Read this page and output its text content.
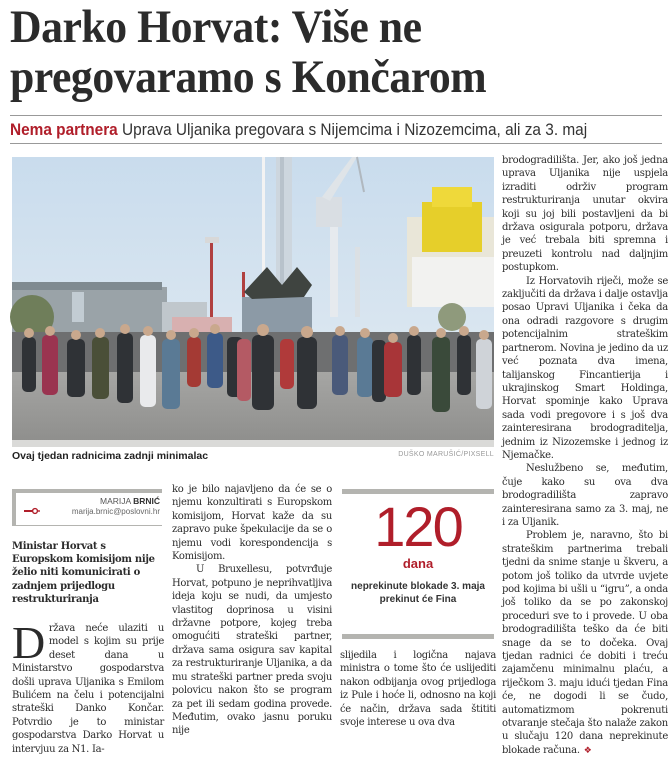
Darko Horvat: Više ne pregovaramo s Končarom
Nema partnera Uprava Uljanika pregovara s Nijemcima i Nizozemcima, ali za 3. maj
Ovaj tjedan radnicima zadnji minimalac	DUŠKO MARUŠIĆ/PIXSELL

brodogradilišta. Jer, ako još jedna uprava Uljanika nije uspjela izraditi održiv program restrukturiranja unutar okvira koji su joj bili postavljeni da bi država osigurala potporu, država je već trebala biti spremna i preuzeti kontrolu nad daljnjim postupkom.

Iz Horvatovih riječi, može se zaključiti da država i dalje ostavlja posao Upravi Uljanika i čeka da ona odradi razgovore s drugim potencijalnim strateškim partnerom. Novina je jedino da uz već poznata dva imena, talijanskog Fincantierija i ukrajinskog Smart Holdinga, Horvat spominje kako Uprava sada vodi pregovore i s još dva zainteresirana brodograditelja, jednim iz Nizozemske i jednog iz Njemačke.

Neslužbeno se, međutim, čuje kako su ova dva brodogradilišta zapravo zainteresirana samo za 3. maj, ne i za Uljanik.

Problem je, naravno, što bi strateškim partnerima trebali tjedni da snime stanje u škveru, a potom još toliko da utvrde uvjete pod kojima bi ušli u “igru”, a onda još toliko da se po zakonskoj proceduri sve to i provede. U oba brodogradilišta teško da će biti snage da se to dočeka. Ovaj tjedan radnici će dobiti i treću zajamčenu minimalnu plaću, a riječkom 3. maju idući tjedan Fina će, ne dogodi li se čudo, automatizmom pokrenuti otvaranje stečaja što nalaže zakon u slučaju 120 dana neprekinute blokade računa. ❖

MARIJA BRNIĆ
marija.brnic@poslovni.hr
Ministar Horvat s Europskom komisijom nije želio niti komunicirati o zadnjem prijedlogu restrukturiranja

Država neće ulaziti u model s kojim su prije deset dana u Ministarstvo gospodarstva došli uprava Uljanika s Emilom Bulićem na čelu i potencijalni strateški Danko Končar. Potvrdio je to ministar gospodarstva Darko Horvat u intervjuu za N1. Ia-

ko je bilo najavljeno da će se o njemu konzultirati s Europskom komisijom, Horvat kaže da su zapravo puke špekulacije da se o njemu vodi korespondencija s Komisijom.

U Bruxellesu, potvrđuje Horvat, potpuno je neprihvatljiva ideja koju se nudi, da umjesto vlastitog doprinosa u visini državne potpore, kojeg treba omogućiti strateški partner, država sama osigura sav kapital za restrukturiranje Uljanika, a da mu strateški partner preda svoju polovicu nakon što se program za pet ili sedam godina provede. Međutim, ovako jasnu poruku nije

120
dana
neprekinute blokade 3. maja prekinut će Fina

slijedila i logična najava ministra o tome što će uslijediti nakon odbijanja ovog prijedloga iz Pule i hoće li, odnosno na koji će način, država sada štititi svoje interese u ova dva
